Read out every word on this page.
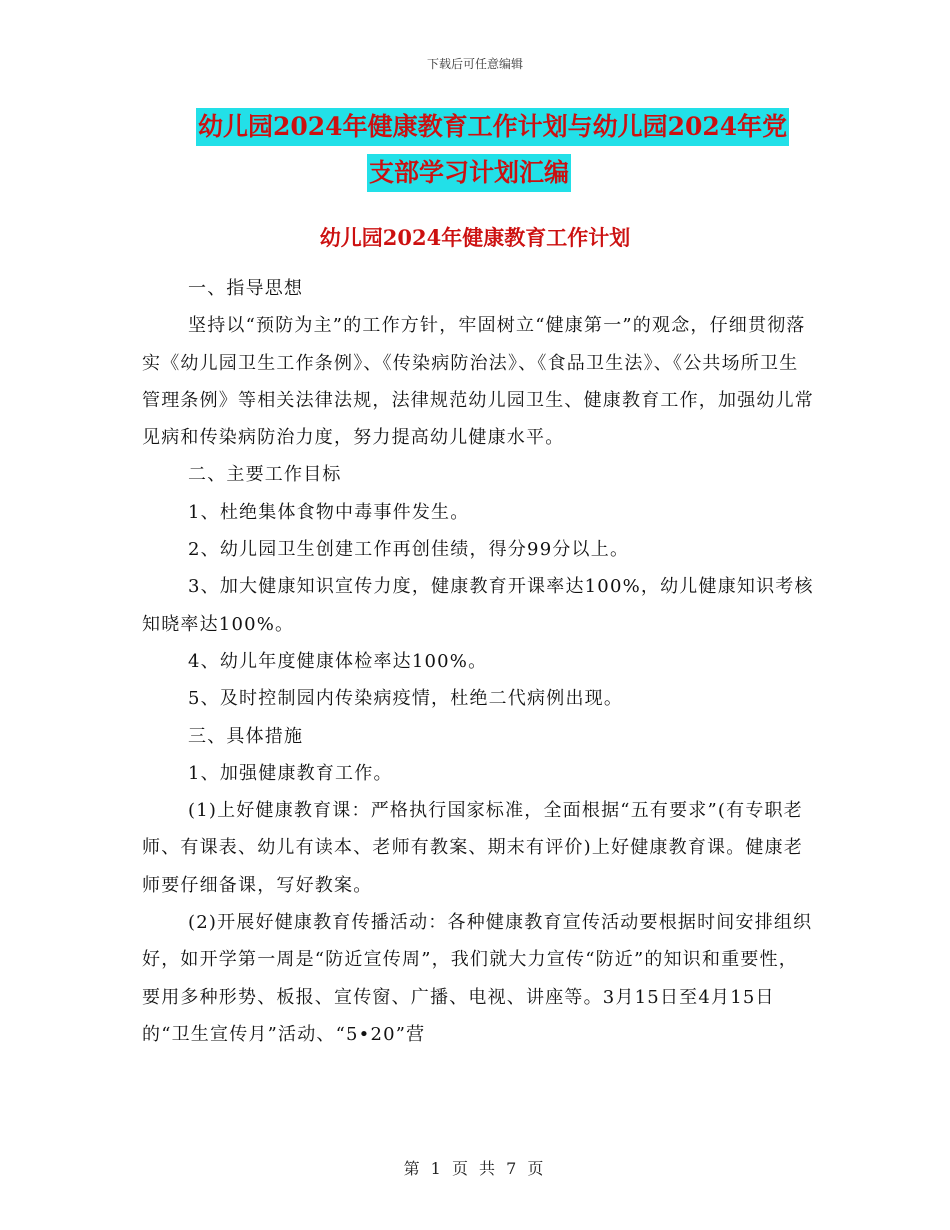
下载后可任意编辑
幼儿园2024年健康教育工作计划与幼儿园2024年党
支部学习计划汇编
幼儿园2024年健康教育工作计划

一、指导思想

坚持以“预防为主”的工作方针，牢固树立“健康第一”的观念，仔细贯彻落实《幼儿园卫生工作条例》、《传染病防治法》、《食品卫生法》、《公共场所卫生管理条例》等相关法律法规，法律规范幼儿园卫生、健康教育工作，加强幼儿常见病和传染病防治力度，努力提高幼儿健康水平。

二、主要工作目标

1、杜绝集体食物中毒事件发生。

2、幼儿园卫生创建工作再创佳绩，得分99分以上。

3、加大健康知识宣传力度，健康教育开课率达100%，幼儿健康知识考核知晓率达100%。

4、幼儿年度健康体检率达100%。

5、及时控制园内传染病疫情，杜绝二代病例出现。

三、具体措施

1、加强健康教育工作。

(1)上好健康教育课：严格执行国家标准，全面根据“五有要求”(有专职老师、有课表、幼儿有读本、老师有教案、期末有评价)上好健康教育课。健康老师要仔细备课，写好教案。

(2)开展好健康教育传播活动：各种健康教育宣传活动要根据时间安排组织好，如开学第一周是“防近宣传周”，我们就大力宣传“防近”的知识和重要性，要用多种形势、板报、宣传窗、广播、电视、讲座等。3月15日至4月15日的“卫生宣传月”活动、“5•20”营

第 1 页 共 7 页
